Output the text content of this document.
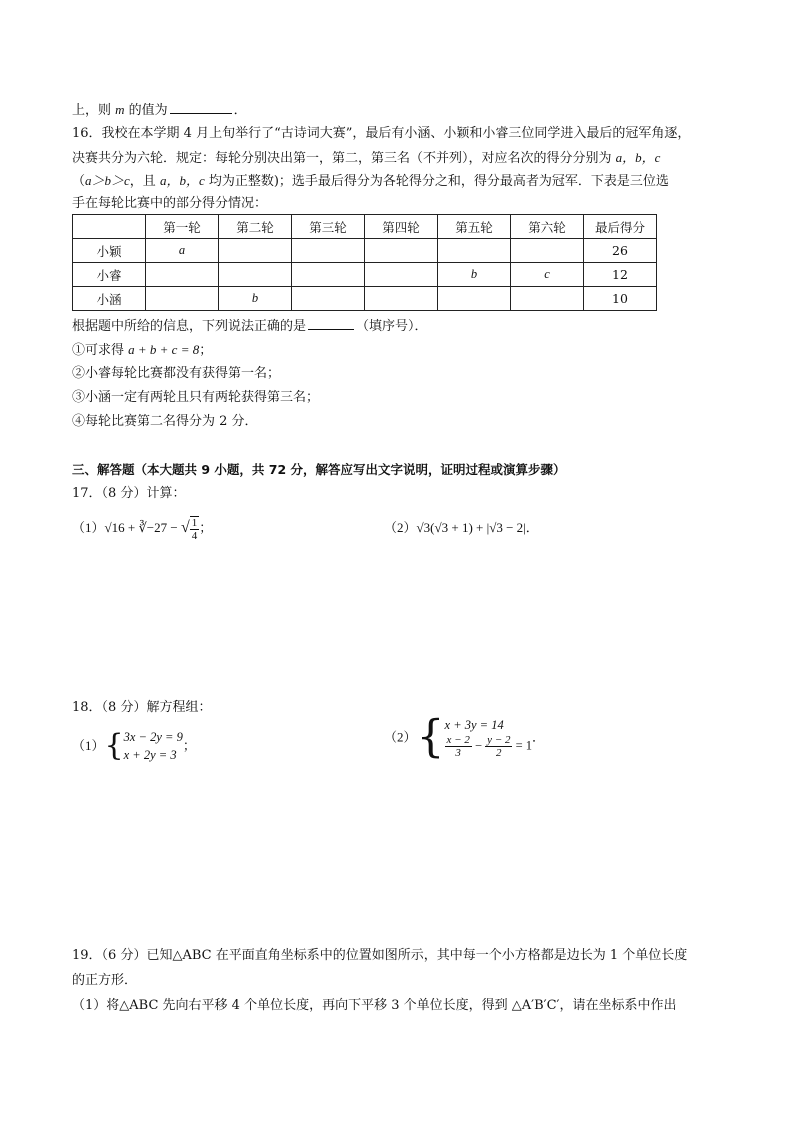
上，则 m 的值为	．
16．我校在本学期 4 月上旬举行了“古诗词大赛”，最后有小涵、小颖和小睿三位同学进入最后的冠军角逐，
决赛共分为六轮．规定：每轮分别决出第一，第二，第三名（不并列），对应名次的得分分别为 a，b，c
（a＞b＞c，且 a，b，c 均为正整数)；选手最后得分为各轮得分之和，得分最高者为冠军．下表是三位选
手在每轮比赛中的部分得分情况：
	第一轮	第二轮	第三轮	第四轮	第五轮	第六轮	最后得分
小颖	a						26
小睿					b	c	12
小涵		b					10
根据题中所给的信息，下列说法正确的是	（填序号）．
①可求得 a + b + c = 8；
②小睿每轮比赛都没有获得第一名；
③小涵一定有两轮且只有两轮获得第三名；
④每轮比赛第二名得分为 2 分．
三、解答题（本大题共 9 小题，共 72 分，解答应写出文字说明，证明过程或演算步骤）
17．（8 分）计算：
（1）√16 + ∛−27 − √ $\frac{1}{4}$ ；	（2）√3(√3 + 1) + |√3 − 2|．
18．（8 分）解方程组：
（1）{ 3x − 2y = 9
x + 2y = 3
；
（2）{ x + 3y = 14
$\frac{x - 2}{3} - \frac{y - 2}{2} = 1$
．
19．（6 分）已知△ABC 在平面直角坐标系中的位置如图所示，其中每一个小方格都是边长为 1 个单位长度
的正方形．
（1）将△ABC 先向右平移 4 个单位长度，再向下平移 3 个单位长度，得到 △A′B′C′，请在坐标系中作出
